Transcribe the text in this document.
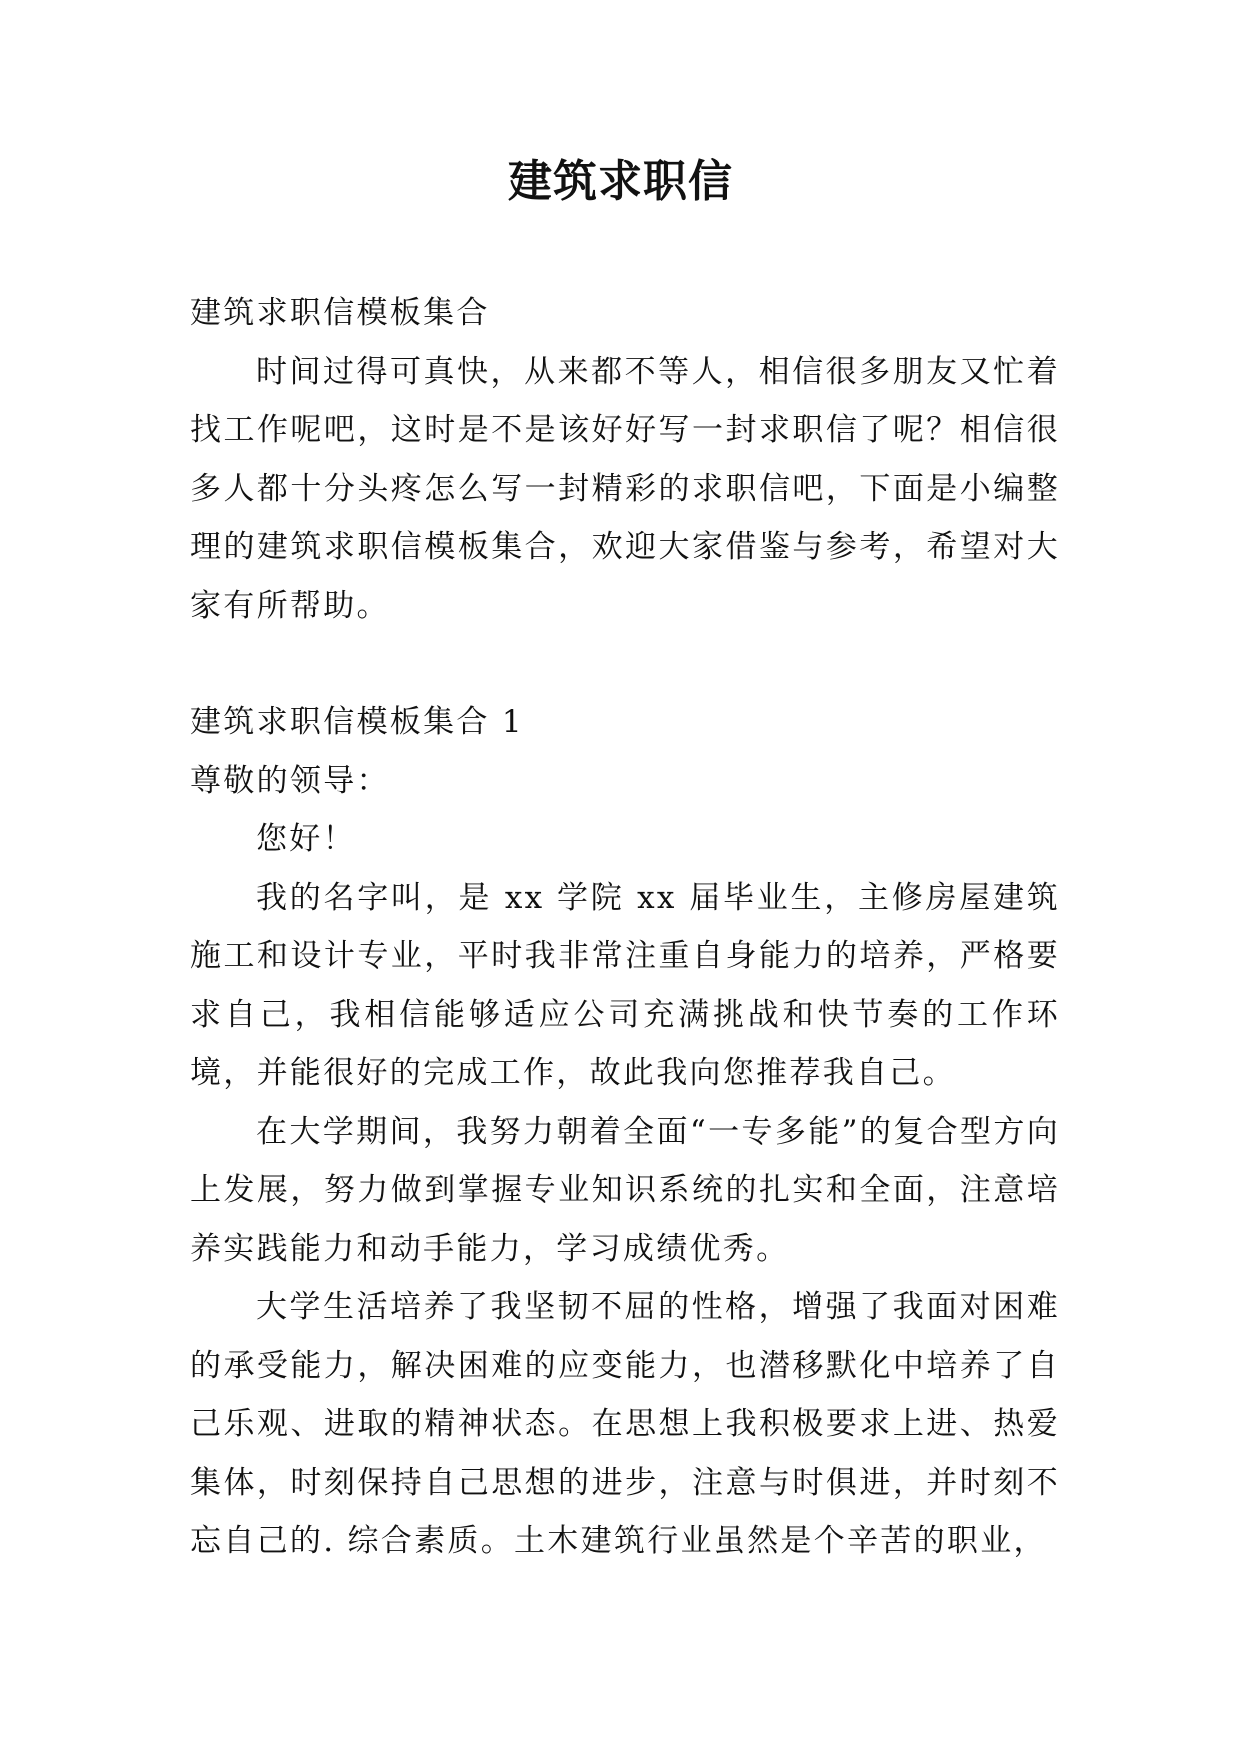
建筑求职信

建筑求职信模板集合

时间过得可真快，从来都不等人，相信很多朋友又忙着找工作呢吧，这时是不是该好好写一封求职信了呢？相信很多人都十分头疼怎么写一封精彩的求职信吧，下面是小编整理的建筑求职信模板集合，欢迎大家借鉴与参考，希望对大家有所帮助。

建筑求职信模板集合 1

尊敬的领导：

您好！

我的名字叫，是 xx 学院 xx 届毕业生，主修房屋建筑施工和设计专业，平时我非常注重自身能力的培养，严格要求自己，我相信能够适应公司充满挑战和快节奏的工作环境，并能很好的完成工作，故此我向您推荐我自己。

在大学期间，我努力朝着全面“一专多能”的复合型方向上发展，努力做到掌握专业知识系统的扎实和全面，注意培养实践能力和动手能力，学习成绩优秀。

大学生活培养了我坚韧不屈的性格，增强了我面对困难的承受能力，解决困难的应变能力，也潜移默化中培养了自己乐观、进取的精神状态。在思想上我积极要求上进、热爱集体，时刻保持自己思想的进步，注意与时俱进，并时刻不忘自己的. 综合素质。土木建筑行业虽然是个辛苦的职业，
